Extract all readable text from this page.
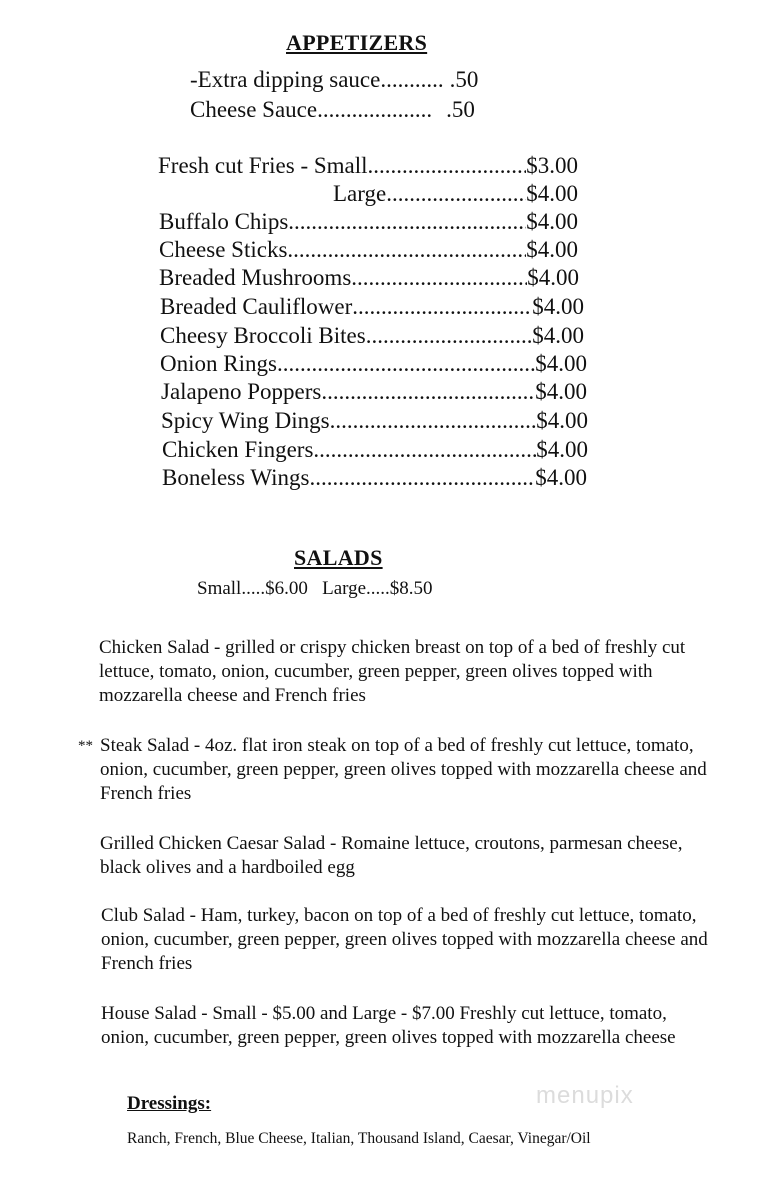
APPETIZERS
-Extra dipping sauce........... .50
Cheese Sauce.................... .50
Fresh cut Fries - Small .....	$3.00
Large .....	$4.00
Buffalo Chips .....	$4.00
Cheese Sticks .....	$4.00
Breaded Mushrooms .....	$4.00
Breaded Cauliflower .....	$4.00
Cheesy Broccoli Bites .....	$4.00
Onion Rings .....	$4.00
Jalapeno Poppers .....	$4.00
Spicy Wing Dings .....	$4.00
Chicken Fingers .....	$4.00
Boneless Wings .....	$4.00
SALADS
Small.....$6.00   Large.....$8.50
Chicken Salad - grilled or crispy chicken breast on top of a bed of freshly cut lettuce, tomato, onion, cucumber, green pepper, green olives topped with mozzarella cheese and French fries
** Steak Salad - 4oz. flat iron steak on top of a bed of freshly cut lettuce, tomato, onion, cucumber, green pepper, green olives topped with mozzarella cheese and French fries
Grilled Chicken Caesar Salad - Romaine lettuce, croutons, parmesan cheese, black olives and a hardboiled egg
Club Salad - Ham, turkey, bacon on top of a bed of freshly cut lettuce, tomato, onion, cucumber, green pepper, green olives topped with mozzarella cheese and French fries
House Salad - Small - $5.00 and Large - $7.00 Freshly cut lettuce, tomato, onion, cucumber, green pepper, green olives topped with mozzarella cheese
Dressings:
Ranch, French, Blue Cheese, Italian, Thousand Island, Caesar, Vinegar/Oil
menupix
